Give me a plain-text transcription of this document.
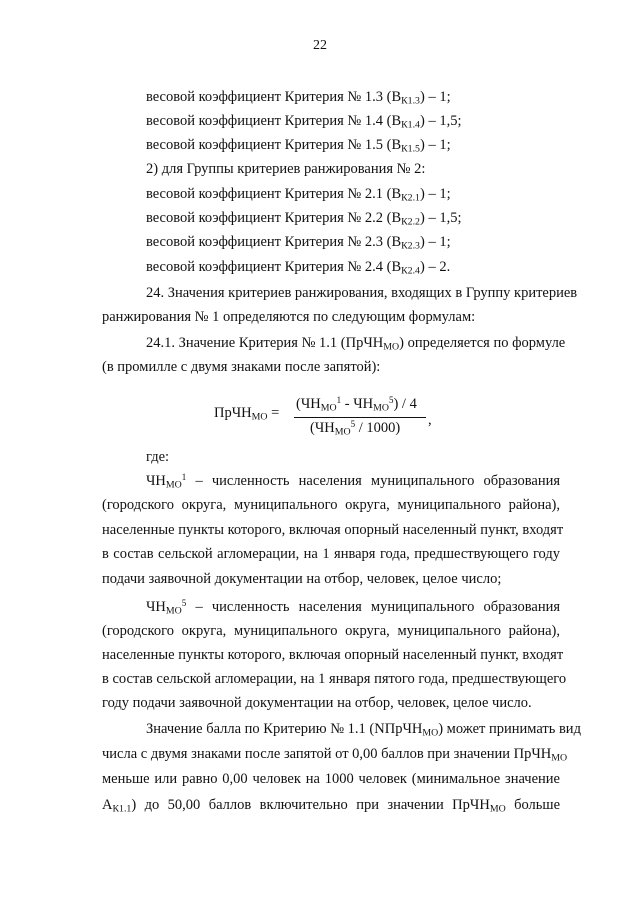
22
весовой коэффициент Критерия № 1.3 $(В_{К1.3}) - 1$;
весовой коэффициент Критерия № 1.4 $(В_{К1.4}) - 1,5$;
весовой коэффициент Критерия № 1.5 $(В_{К1.5}) - 1$;
2) для Группы критериев ранжирования № 2:
весовой коэффициент Критерия № 2.1 $(В_{К2.1}) - 1$;
весовой коэффициент Критерия № 2.2 $(В_{К2.2}) - 1,5$;
весовой коэффициент Критерия № 2.3 $(В_{К2.3}) - 1$;
весовой коэффициент Критерия № 2.4 $(В_{К2.4}) - 2$.
24. Значения критериев ранжирования, входящих в Группу критериев
ранжирования № 1 определяются по следующим формулам:
24.1. Значение Критерия № 1.1 (ПрЧН$_{МО}$) определяется по формуле
(в промилле с двумя знаками после запятой):
ПрЧН$_{МО}$ =
$(ЧН_{МО}^1 - ЧН_{МО}^5) / 4$
$(ЧН_{МО}^5 / 1000)$ ,
где:
$ЧН_{МО}^1$ – численность населения муниципального образования
(городского округа, муниципального округа, муниципального района),
населенные пункты которого, включая опорный населенный пункт, входят
в состав сельской агломерации, на 1 января года, предшествующего году
подачи заявочной документации на отбор, человек, целое число;
$ЧН_{МО}^5$ – численность населения муниципального образования
(городского округа, муниципального округа, муниципального района),
населенные пункты которого, включая опорный населенный пункт, входят
в состав сельской агломерации, на 1 января пятого года, предшествующего
году подачи заявочной документации на отбор, человек, целое число.
Значение балла по Критерию № 1.1 (NПрЧН$_{МО}$) может принимать вид
числа с двумя знаками после запятой от 0,00 баллов при значении ПрЧН$_{МО}$
меньше или равно 0,00 человек на 1000 человек (минимальное значение
$А_{К1.1}$) до 50,00 баллов включительно при значении ПрЧН$_{МО}$ больше
